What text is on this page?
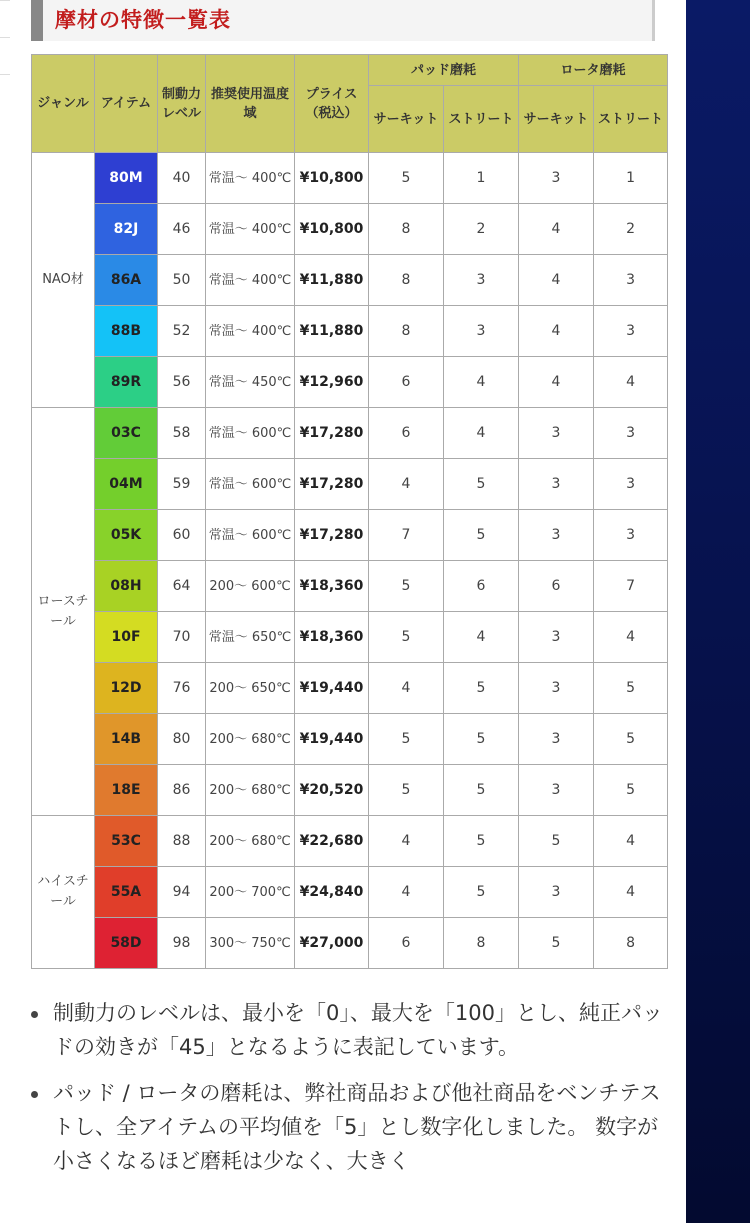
摩材の特徴一覧表
ジャンル	アイテム	制動力レベル	推奨使用温度域	プライス（税込）	パッド磨耗		ロータ磨耗	
					サーキット	ストリート	サーキット	ストリート
NAO材	80M	40	常温〜 400℃	¥10,800	5	1	3	1
	82J	46	常温〜 400℃	¥10,800	8	2	4	2
	86A	50	常温〜 400℃	¥11,880	8	3	4	3
	88B	52	常温〜 400℃	¥11,880	8	3	4	3
	89R	56	常温〜 450℃	¥12,960	6	4	4	4
ロースチール	03C	58	常温〜 600℃	¥17,280	6	4	3	3
	04M	59	常温〜 600℃	¥17,280	4	5	3	3
	05K	60	常温〜 600℃	¥17,280	7	5	3	3
	08H	64	200〜 600℃	¥18,360	5	6	6	7
	10F	70	常温〜 650℃	¥18,360	5	4	3	4
	12D	76	200〜 650℃	¥19,440	4	5	3	5
	14B	80	200〜 680℃	¥19,440	5	5	3	5
	18E	86	200〜 680℃	¥20,520	5	5	3	5
ハイスチール	53C	88	200〜 680℃	¥22,680	4	5	5	4
	55A	94	200〜 700℃	¥24,840	4	5	3	4
	58D	98	300〜 750℃	¥27,000	6	8	5	8
制動力のレベルは、最小を「0」、最大を「100」とし、純正パッドの効きが「45」となるように表記しています。
パッド / ロータの磨耗は、弊社商品および他社商品をベンチテストし、全アイテムの平均値を「5」とし数字化しました。 数字が小さくなるほど磨耗は少なく、大きく
